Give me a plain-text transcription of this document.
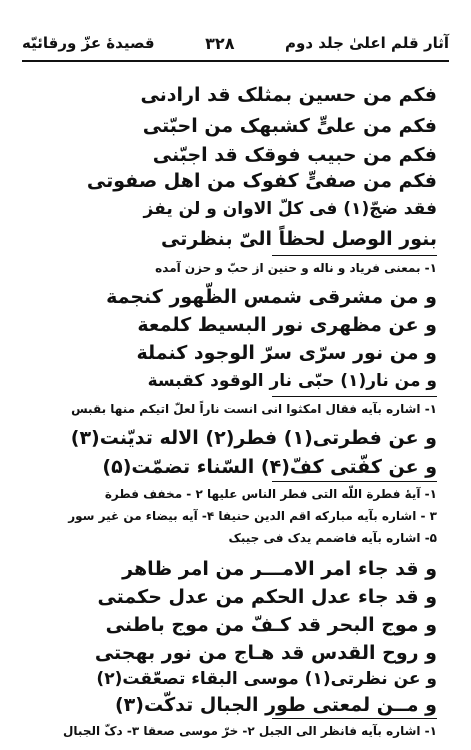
آثار قلم اعلیٰ جلد دوم
۳۲۸
قصیدۀ عزّ ورقائیّه
فکم من حسین بمثلک قد ارادنی
فکم من علیٍّ کشبهک من احبّتی
فکم من حبیب فوقک قد اجبّنی
فکم من صفیٍّ کفوک من اهل صفوتی
فقد ضجّ(۱) فی کلّ الاوان و لن یفز
بنور الوصل لحظاً الیّ بنظرتی
۱- بمعنی فریاد و ناله و حنین از حبّ و حزن آمده
و من مشرقی شمس الظّهور کنجمة
و عن مظهری نور البسیط کلمعة
و من نور سرّی سرّ الوجود کنملة
و من نار(۱) حبّی نار الوقود کقبسة
۱- اشاره بآیه فقال امکثوا انی انست ناراً لعلّ اتیکم منها بقبس
و عن فطرتی(۱) فطر(۲) الاله تدیّنت(۳)
و عن کفّتی کفّ(۴) السّناء تضمّت(۵)
۱- آیهٔ فطرة اللّه التی فطر الناس علیها ۲ - مخفف فطرة
۳ - اشاره بآیه مبارکه اقم الدین حنیفا ۴- آیه بیضاء من غیر سور
۵- اشاره بآیه فاضمم یدک فی جیبک
و قد جاء امر الامـــر من امر ظاهر
و قد جاء عدل الحکم من عدل حکمتی
و موج البحر قد کـفّ من موج باطنی
و روح القدس قد هـاج من نور بهجتی
و عن نظرتی(۱) موسی البقاء تصعّقت(۲)
و مــن لمعتی طور الجبال تدکّت(۳)
۱- اشاره بآیه فانظر الی الجبل ۲- خرّ موسی صعقا ۳- دکّ الجبال
